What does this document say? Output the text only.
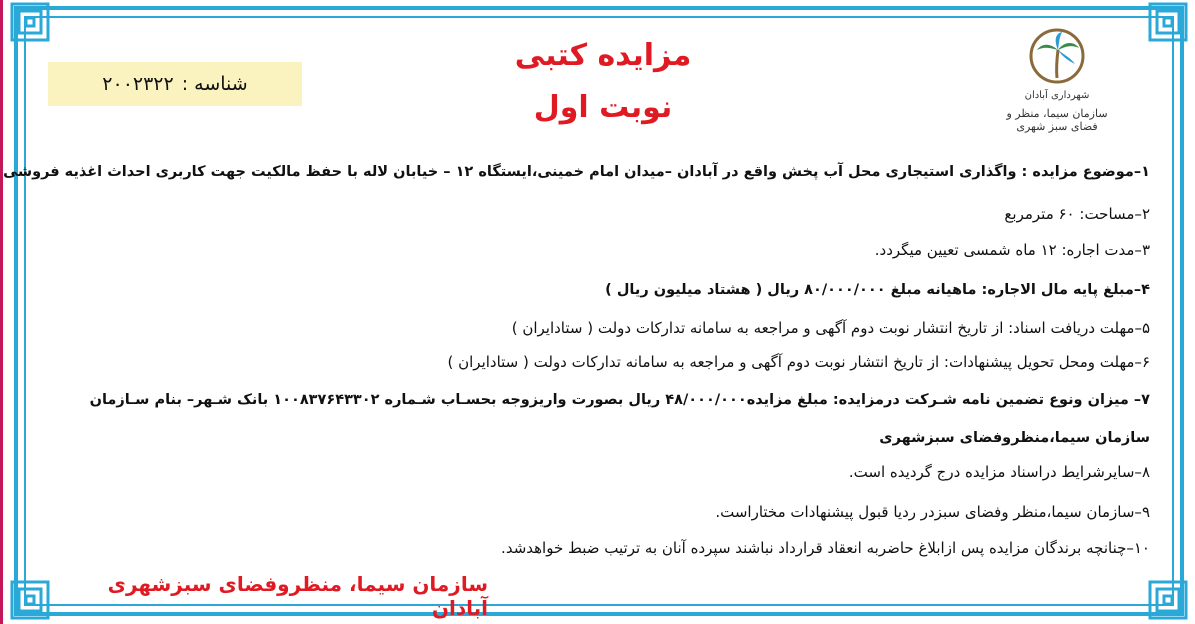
شناسه :
۲۰۰۲۳۲۲
مزایده کتبی
نوبت اول	شهرداری آبادان
سازمان سیما، منظر و فضای سبز شهری
۱–موضوع مزایده : واگذاری استیجاری محل آب پخش واقع در آبادان –میدان امام خمینی،ایستگاه ۱۲ – خیابان لاله با حفظ مالکیت جهت کاربری احداث اغذیه فروشی
۲–مساحت: ۶۰ مترمربع
۳–مدت اجاره: ۱۲ ماه شمسی تعیین میگردد.
۴–مبلغ پایه مال الاجاره: ماهیانه مبلغ ۸۰/۰۰۰/۰۰۰ ریال ( هشتاد میلیون ریال )
۵–مهلت دریافت اسناد: از تاریخ انتشار نوبت دوم آگهی و مراجعه به سامانه تدارکات دولت ( ستادایران )
۶–مهلت ومحل تحویل پیشنهادات: از تاریخ انتشار نوبت دوم آگهی و مراجعه به سامانه تدارکات دولت ( ستادایران )
۷– میزان ونوع تضمین نامه شـرکت درمزایده: مبلغ مزایده۴۸/۰۰۰/۰۰۰ ریال بصورت واریزوجه بحسـاب شـماره ۱۰۰۸۳۷۶۴۳۳۰۲ بانک شـهر– بنام سـازمان
سازمان سیما،منظروفضای سبزشهری
۸–سایرشرایط دراسناد مزایده درج گردیده است.
۹–سازمان سیما،منظر وفضای سبزدر ردیا قبول پیشنهادات مختاراست.
۱۰–چنانچه برندگان مزایده پس ازابلاغ حاضربه انعقاد قرارداد نباشند سپرده آنان به ترتیب ضبط خواهدشد.
سازمان سیما، منظروفضای سبزشهری آبادان
